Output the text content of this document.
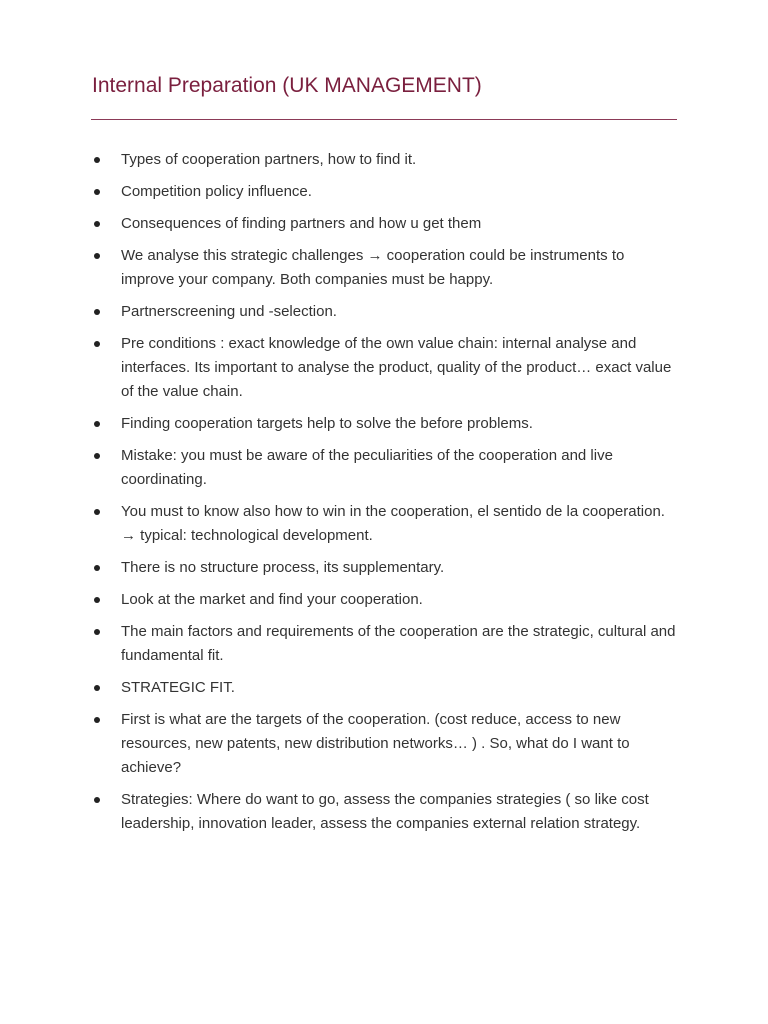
Internal Preparation (UK MANAGEMENT)
Types of cooperation partners, how to find it.
Competition policy influence.
Consequences of finding partners and how u get them
We analyse this strategic challenges → cooperation could be instruments to improve your company. Both companies must be happy.
Partnerscreening und -selection.
Pre conditions : exact knowledge of the own value chain: internal analyse and interfaces. Its important to analyse the product, quality of the product… exact value of the value chain.
Finding cooperation targets help to solve the before problems.
Mistake: you must be aware of the peculiarities of the cooperation and live coordinating.
You must to know also how to win in the cooperation, el sentido de la cooperation. → typical: technological development.
There is no structure process, its supplementary.
Look at the market and find your cooperation.
The main factors and requirements of the cooperation are the strategic, cultural and fundamental fit.
STRATEGIC FIT.
First is what are the targets of the cooperation. (cost reduce, access to new resources, new patents, new distribution networks… ) . So, what do I want to achieve?
Strategies: Where do want to go, assess the companies strategies ( so like cost leadership, innovation leader, assess the companies external relation strategy.
